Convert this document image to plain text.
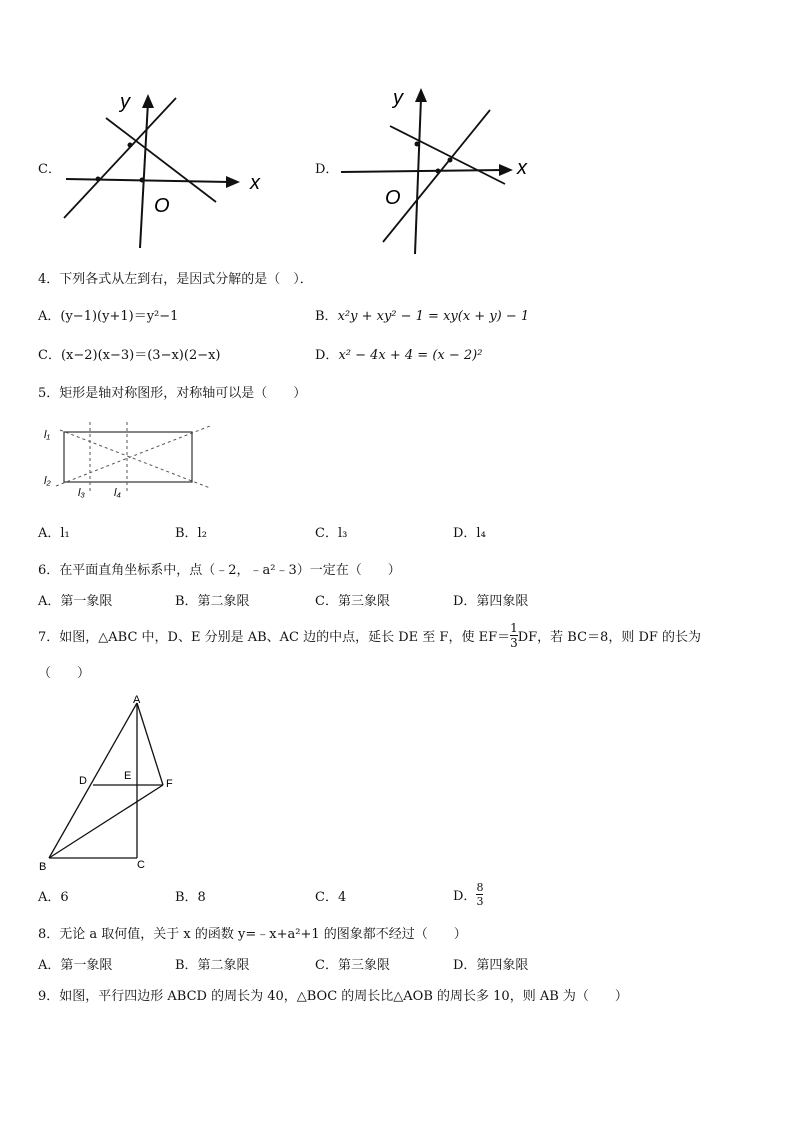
C．
y
x
O
D．
y
x
O
4．下列各式从左到右，是因式分解的是（　）．
A．(y−1)(y+1)＝y²−1	B．x²y + xy² − 1 = xy(x + y) − 1
C．(x−2)(x−3)＝(3−x)(2−x)	D．x² − 4x + 4 = (x − 2)²
5．矩形是轴对称图形，对称轴可以是（　　）
l₁
l₂
l₃	l₄
A．l₁	B．l₂	C．l₃	D．l₄
6．在平面直角坐标系中，点（﹣2，﹣a²﹣3）一定在（　　）
A．第一象限	B．第二象限	C．第三象限	D．第四象限
7．如图，△ABC 中，D、E 分别是 AB、AC 边的中点，延长 DE 至 F，使 $EF= \frac{1}{3}$ DF，若 BC＝8，则 DF 的长为
（　　）
A
B	C
D	E
F
A．6	B．8	C．4	D． $\frac{8}{3}$
8．无论 a 取何值，关于 x 的函数 y=﹣x+a²+1 的图象都不经过（　　）
A．第一象限	B．第二象限	C．第三象限	D．第四象限
9．如图，平行四边形 ABCD 的周长为 40，△BOC 的周长比△AOB 的周长多 10，则 AB 为（　　）
